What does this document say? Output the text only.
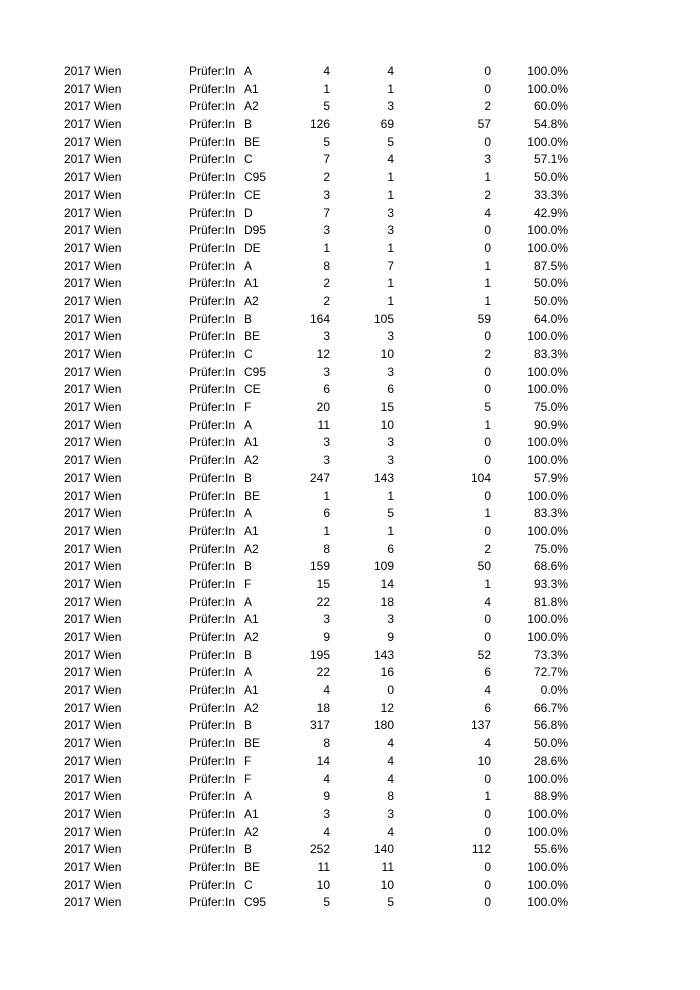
2017 Wien	Prüfer:In A	4	4	0	100.0%
2017 Wien	Prüfer:In A1	1	1	0	100.0%
2017 Wien	Prüfer:In A2	5	3	2	60.0%
2017 Wien	Prüfer:In B	126	69	57	54.8%
2017 Wien	Prüfer:In BE	5	5	0	100.0%
2017 Wien	Prüfer:In C	7	4	3	57.1%
2017 Wien	Prüfer:In C95	2	1	1	50.0%
2017 Wien	Prüfer:In CE	3	1	2	33.3%
2017 Wien	Prüfer:In D	7	3	4	42.9%
2017 Wien	Prüfer:In D95	3	3	0	100.0%
2017 Wien	Prüfer:In DE	1	1	0	100.0%
2017 Wien	Prüfer:In A	8	7	1	87.5%
2017 Wien	Prüfer:In A1	2	1	1	50.0%
2017 Wien	Prüfer:In A2	2	1	1	50.0%
2017 Wien	Prüfer:In B	164	105	59	64.0%
2017 Wien	Prüfer:In BE	3	3	0	100.0%
2017 Wien	Prüfer:In C	12	10	2	83.3%
2017 Wien	Prüfer:In C95	3	3	0	100.0%
2017 Wien	Prüfer:In CE	6	6	0	100.0%
2017 Wien	Prüfer:In F	20	15	5	75.0%
2017 Wien	Prüfer:In A	11	10	1	90.9%
2017 Wien	Prüfer:In A1	3	3	0	100.0%
2017 Wien	Prüfer:In A2	3	3	0	100.0%
2017 Wien	Prüfer:In B	247	143	104	57.9%
2017 Wien	Prüfer:In BE	1	1	0	100.0%
2017 Wien	Prüfer:In A	6	5	1	83.3%
2017 Wien	Prüfer:In A1	1	1	0	100.0%
2017 Wien	Prüfer:In A2	8	6	2	75.0%
2017 Wien	Prüfer:In B	159	109	50	68.6%
2017 Wien	Prüfer:In F	15	14	1	93.3%
2017 Wien	Prüfer:In A	22	18	4	81.8%
2017 Wien	Prüfer:In A1	3	3	0	100.0%
2017 Wien	Prüfer:In A2	9	9	0	100.0%
2017 Wien	Prüfer:In B	195	143	52	73.3%
2017 Wien	Prüfer:In A	22	16	6	72.7%
2017 Wien	Prüfer:In A1	4	0	4	0.0%
2017 Wien	Prüfer:In A2	18	12	6	66.7%
2017 Wien	Prüfer:In B	317	180	137	56.8%
2017 Wien	Prüfer:In BE	8	4	4	50.0%
2017 Wien	Prüfer:In F	14	4	10	28.6%
2017 Wien	Prüfer:In F	4	4	0	100.0%
2017 Wien	Prüfer:In A	9	8	1	88.9%
2017 Wien	Prüfer:In A1	3	3	0	100.0%
2017 Wien	Prüfer:In A2	4	4	0	100.0%
2017 Wien	Prüfer:In B	252	140	112	55.6%
2017 Wien	Prüfer:In BE	11	11	0	100.0%
2017 Wien	Prüfer:In C	10	10	0	100.0%
2017 Wien	Prüfer:In C95	5	5	0	100.0%
